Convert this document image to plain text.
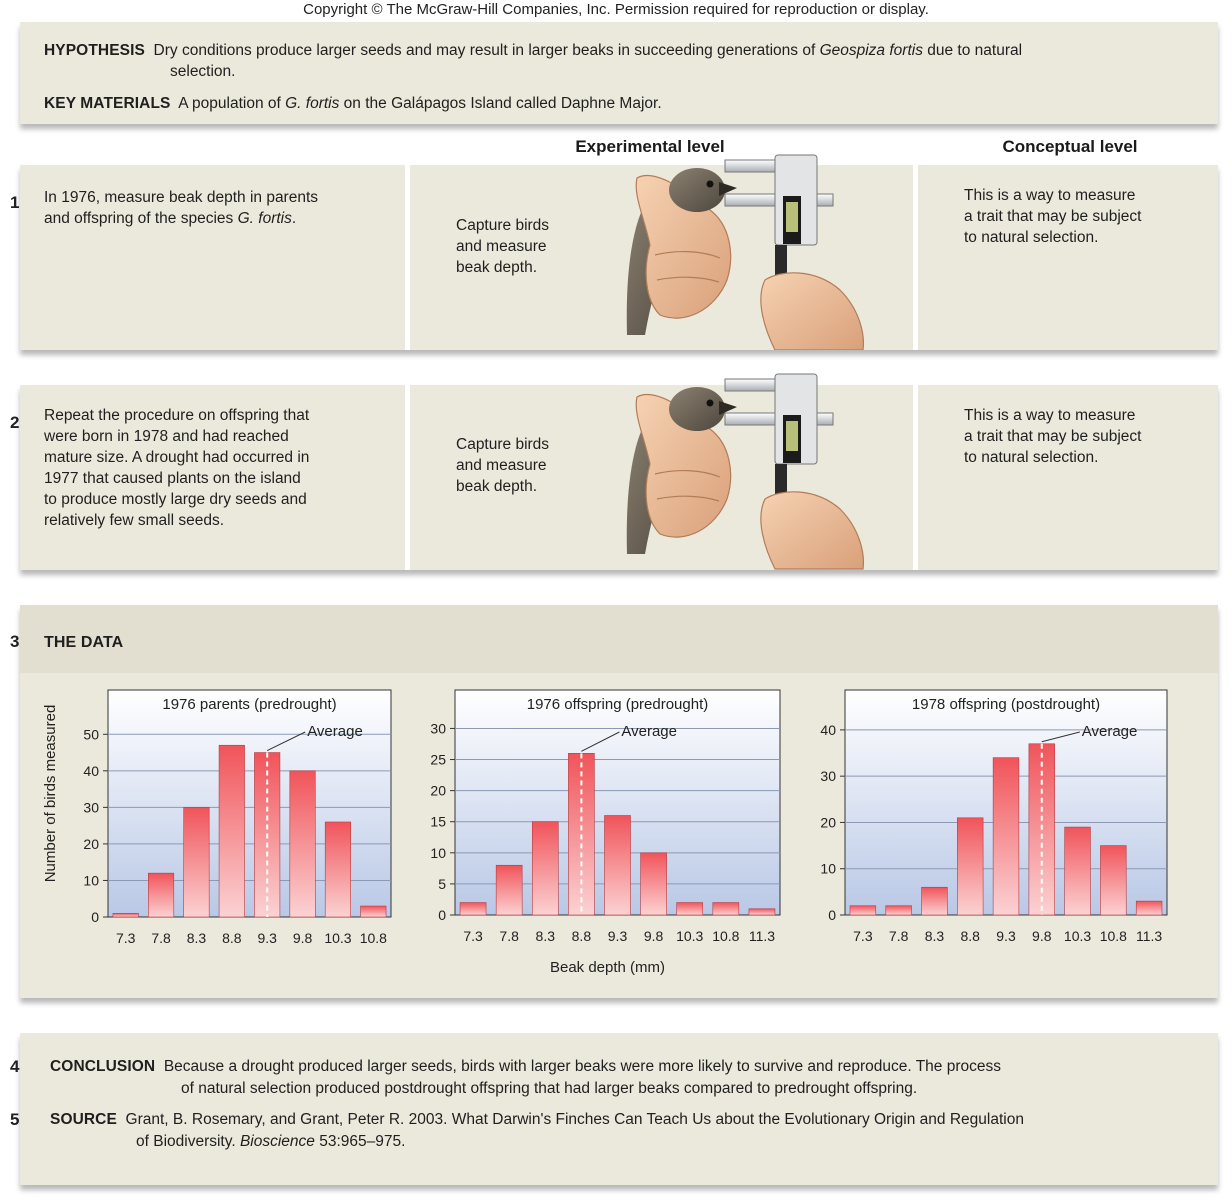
Copyright © The McGraw-Hill Companies, Inc. Permission required for reproduction or display.
HYPOTHESIS Dry conditions produce larger seeds and may result in larger beaks in succeeding generations of Geospiza fortis due to natural
selection.
KEY MATERIALS A population of G. fortis on the Galápagos Island called Daphne Major.
Experimental level	Conceptual level
1 In 1976, measure beak depth in parents
and offspring of the species G. fortis.	Capture birds
and measure
beak depth.
This is a way to measure
a trait that may be subject
to natural selection.
2 Repeat the procedure on offspring that
were born in 1978 and had reached
mature size. A drought had occurred in
1977 that caused plants on the island
to produce mostly large dry seeds and
relatively few small seeds.
Capture birds
and measure
beak depth.
This is a way to measure
a trait that may be subject
to natural selection.
3 THE DATA
1976 parents (predrought)
0
10
20
30
40
50
7.3 7.8 8.3 8.8 9.3 9.8 10.3 10.8
Average
Number of birds measured
1976 offspring (predrought)
0
5
10
15
20
25
30
7.3 7.8 8.3 8.8 9.3 9.8 10.3 10.8 11.3
Average
Beak depth (mm)
1978 offspring (postdrought)
0
10
20
30
40
7.3 7.8 8.3 8.8 9.3 9.8 10.3 10.8 11.3
Average
4
5
CONCLUSION Because a drought produced larger seeds, birds with larger beaks were more likely to survive and reproduce. The process
of natural selection produced postdrought offspring that had larger beaks compared to predrought offspring.
SOURCE Grant, B. Rosemary, and Grant, Peter R. 2003. What Darwin's Finches Can Teach Us about the Evolutionary Origin and Regulation
of Biodiversity. Bioscience 53:965–975.
